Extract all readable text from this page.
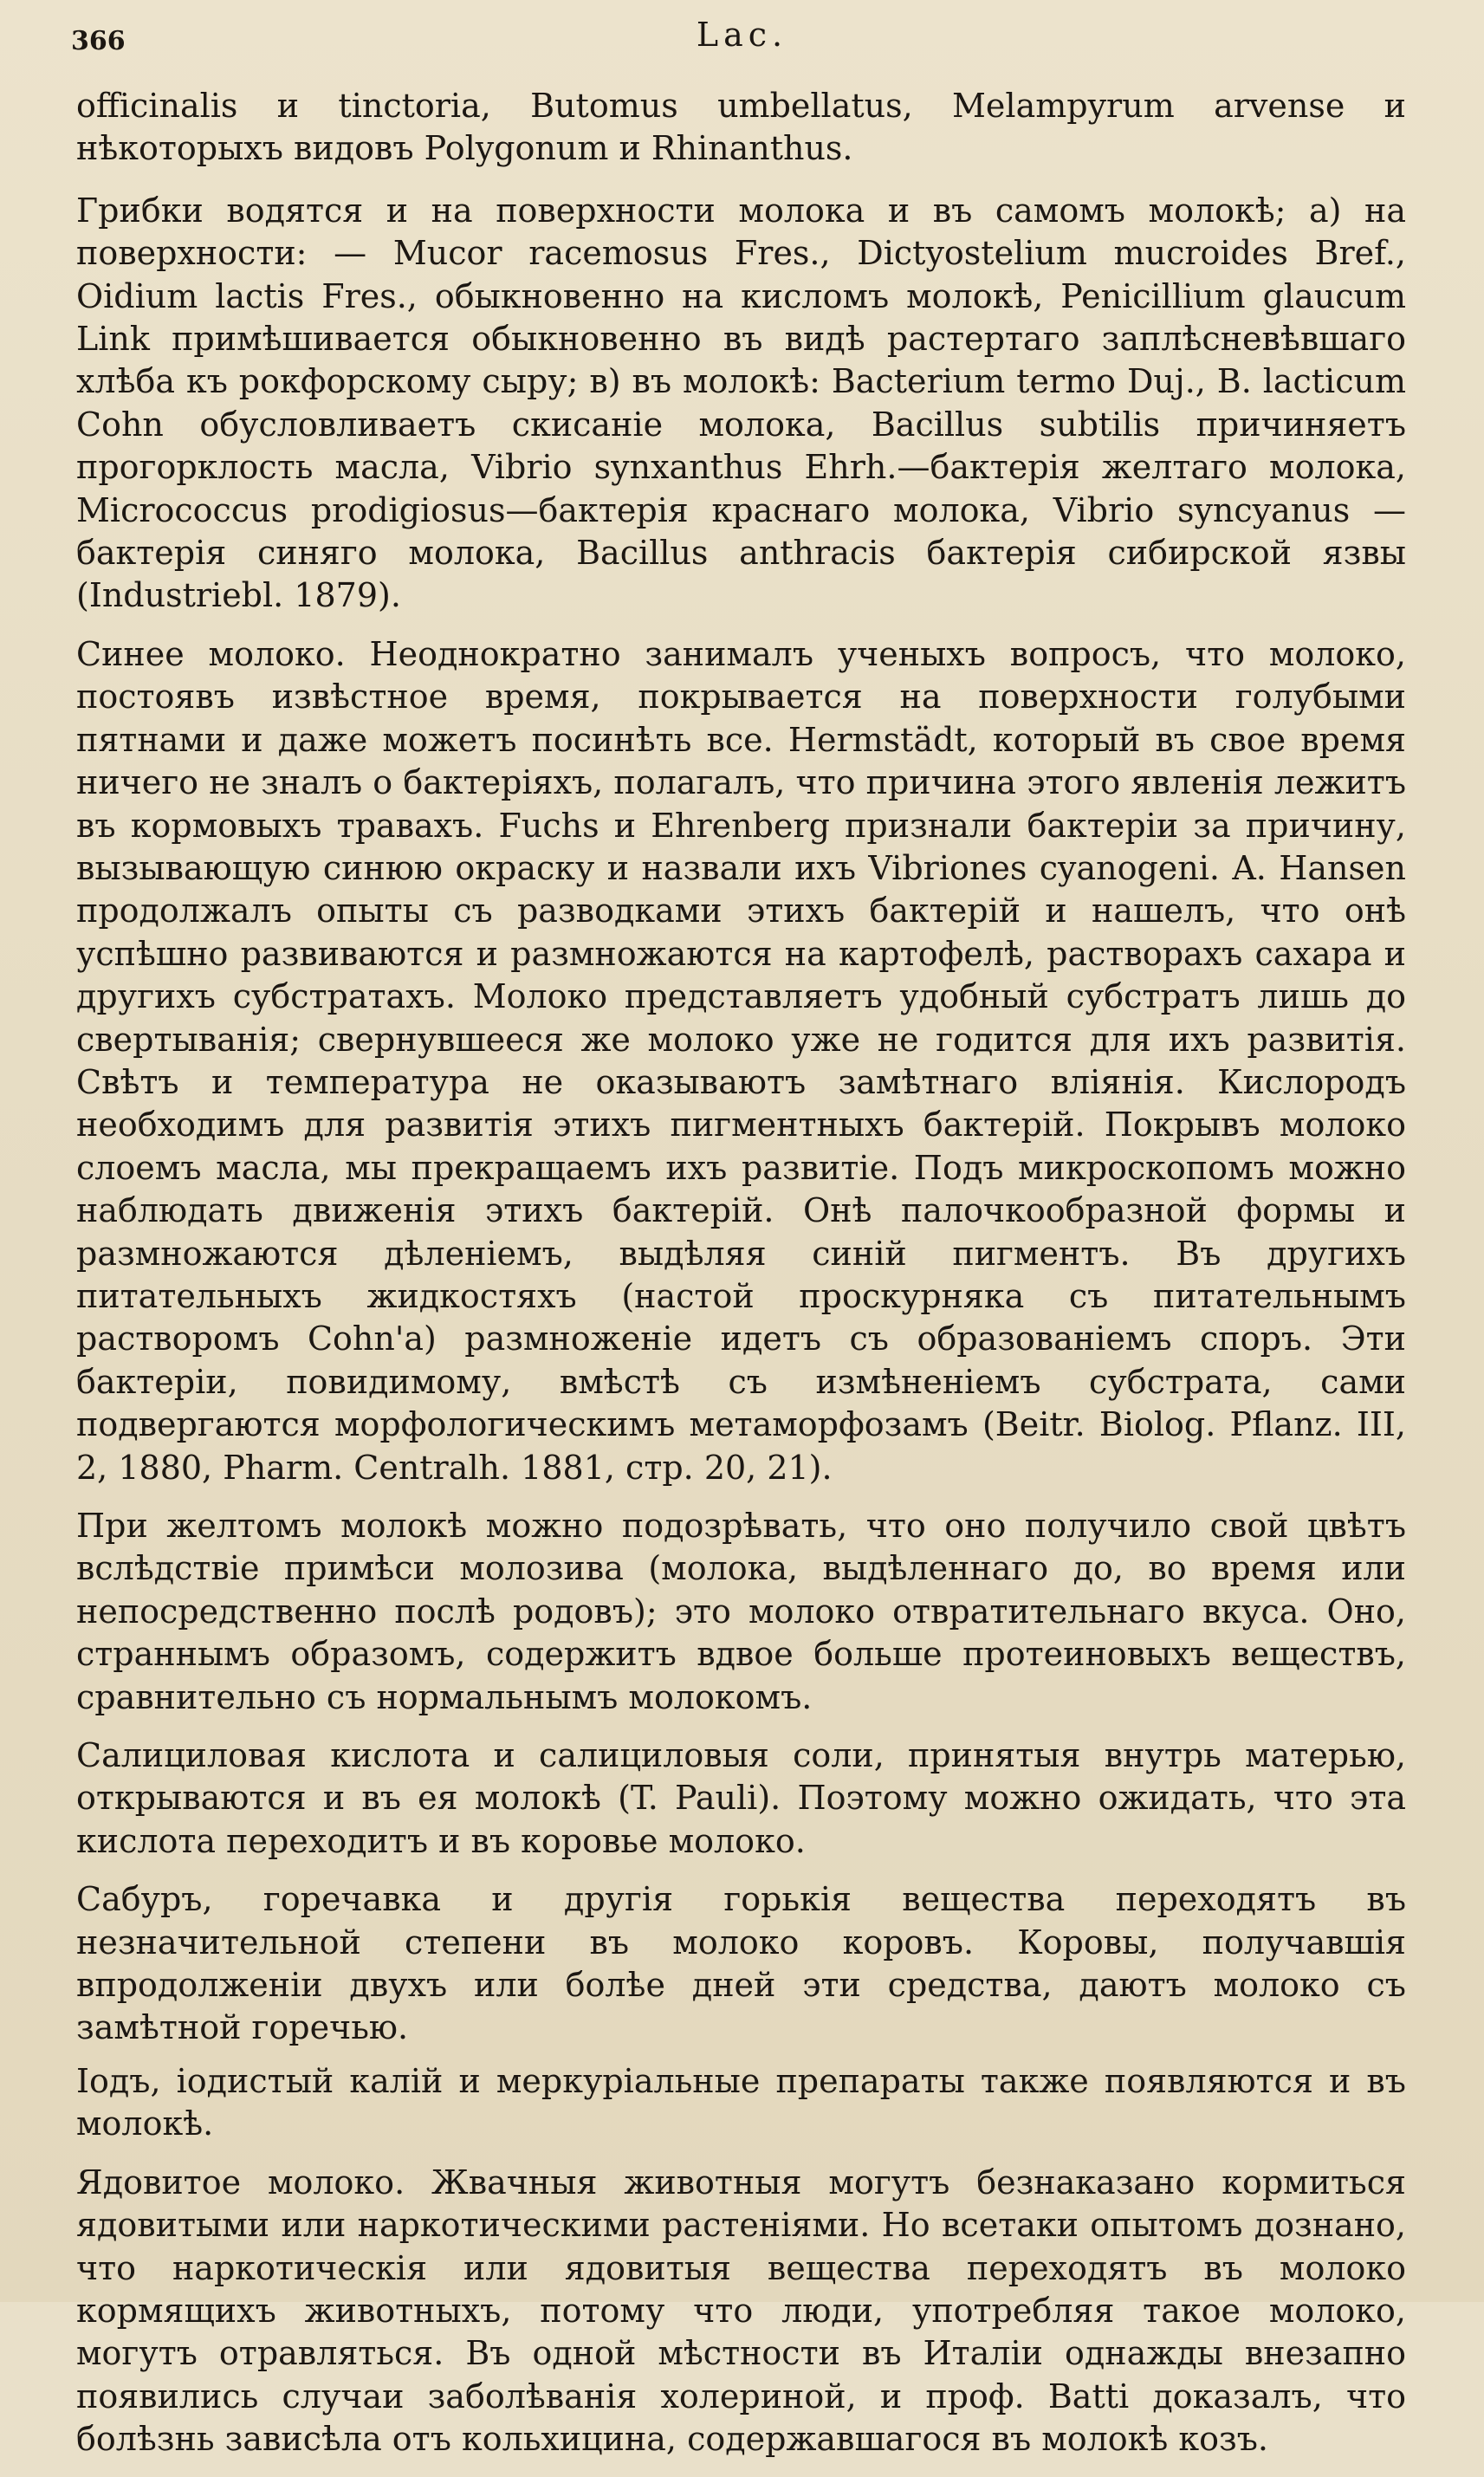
366	Lac.

officinalis и tinctoria, Butomus umbellatus, Melampyrum arvense и нѣкоторыхъ видовъ Polygonum и Rhinanthus.

Грибки водятся и на поверхности молока и въ самомъ молокѣ; а) на поверхности: — Mucor racemosus Fres., Dictyostelium mucroides Bref., Oidium lactis Fres., обыкновенно на кисломъ молокѣ, Penicillium glaucum Link примѣшивается обыкновенно въ видѣ растертаго заплѣсневѣвшаго хлѣба къ рокфорскому сыру; в) въ молокѣ: Bacterium termo Duj., B. lacticum Cohn обусловливаетъ скисаніе молока, Bacillus subtilis причиняетъ прогорклость масла, Vibrio synxanthus Ehrh.—бактерія желтаго молока, Micrococcus prodigiosus—бактерія краснаго молока, Vibrio syncyanus — бактерія синяго молока, Bacillus anthracis бактерія сибирской язвы (Industriebl. 1879).

Синее молоко. Неоднократно занималъ ученыхъ вопросъ, что молоко, постоявъ извѣстное время, покрывается на поверхности голубыми пятнами и даже можетъ посинѣть все. Hermstädt, который въ свое время ничего не зналъ о бактеріяхъ, полагалъ, что причина этого явленія лежитъ въ кормовыхъ травахъ. Fuchs и Ehrenberg признали бактеріи за причину, вызывающую синюю окраску и назвали ихъ Vibriones cyanogeni. A. Hansen продолжалъ опыты съ разводками этихъ бактерій и нашелъ, что онѣ успѣшно развиваются и размножаются на картофелѣ, растворахъ сахара и другихъ субстратахъ. Молоко представляетъ удобный субстратъ лишь до свертыванія; свернувшееся же молоко уже не годится для ихъ развитія. Свѣтъ и температура не оказываютъ замѣтнаго вліянія. Кислородъ необходимъ для развитія этихъ пигментныхъ бактерій. Покрывъ молоко слоемъ масла, мы прекращаемъ ихъ развитіе. Подъ микроскопомъ можно наблюдать движенія этихъ бактерій. Онѣ палочкообразной формы и размножаются дѣленіемъ, выдѣляя синій пигментъ. Въ другихъ питательныхъ жидкостяхъ (настой проскурняка съ питательнымъ растворомъ Cohn'а) размноженіе идетъ съ образованіемъ споръ. Эти бактеріи, повидимому, вмѣстѣ съ измѣненіемъ субстрата, сами подвергаются морфологическимъ метаморфозамъ (Beitr. Biolog. Pflanz. III, 2, 1880, Pharm. Centralh. 1881, стр. 20, 21).

При желтомъ молокѣ можно подозрѣвать, что оно получило свой цвѣтъ вслѣдствіе примѣси молозива (молока, выдѣленнаго до, во время или непосредственно послѣ родовъ); это молоко отвратительнаго вкуса. Оно, страннымъ образомъ, содержитъ вдвое больше протеиновыхъ веществъ, сравнительно съ нормальнымъ молокомъ.

Салициловая кислота и салициловыя соли, принятыя внутрь матерью, открываются и въ ея молокѣ (T. Pauli). Поэтому можно ожидать, что эта кислота переходитъ и въ коровье молоко.

Сабуръ, горечавка и другія горькія вещества переходятъ въ незначительной степени въ молоко коровъ. Коровы, получавшія впродолженіи двухъ или болѣе дней эти средства, даютъ молоко съ замѣтной горечью.

Іодъ, іодистый калій и меркуріальные препараты также появляются и въ молокѣ.

Ядовитое молоко. Жвачныя животныя могутъ безнаказано кормиться ядовитыми или наркотическими растеніями. Но всетаки опытомъ дознано, что наркотическія или ядовитыя вещества переходятъ въ молоко кормящихъ животныхъ, потому что люди, употребляя такое молоко, могутъ отравляться. Въ одной мѣстности въ Италіи однажды внезапно появились случаи заболѣванія холериной, и проф. Batti доказалъ, что болѣзнь зависѣла отъ кольхицина, содержавшагося въ молокѣ козъ.
